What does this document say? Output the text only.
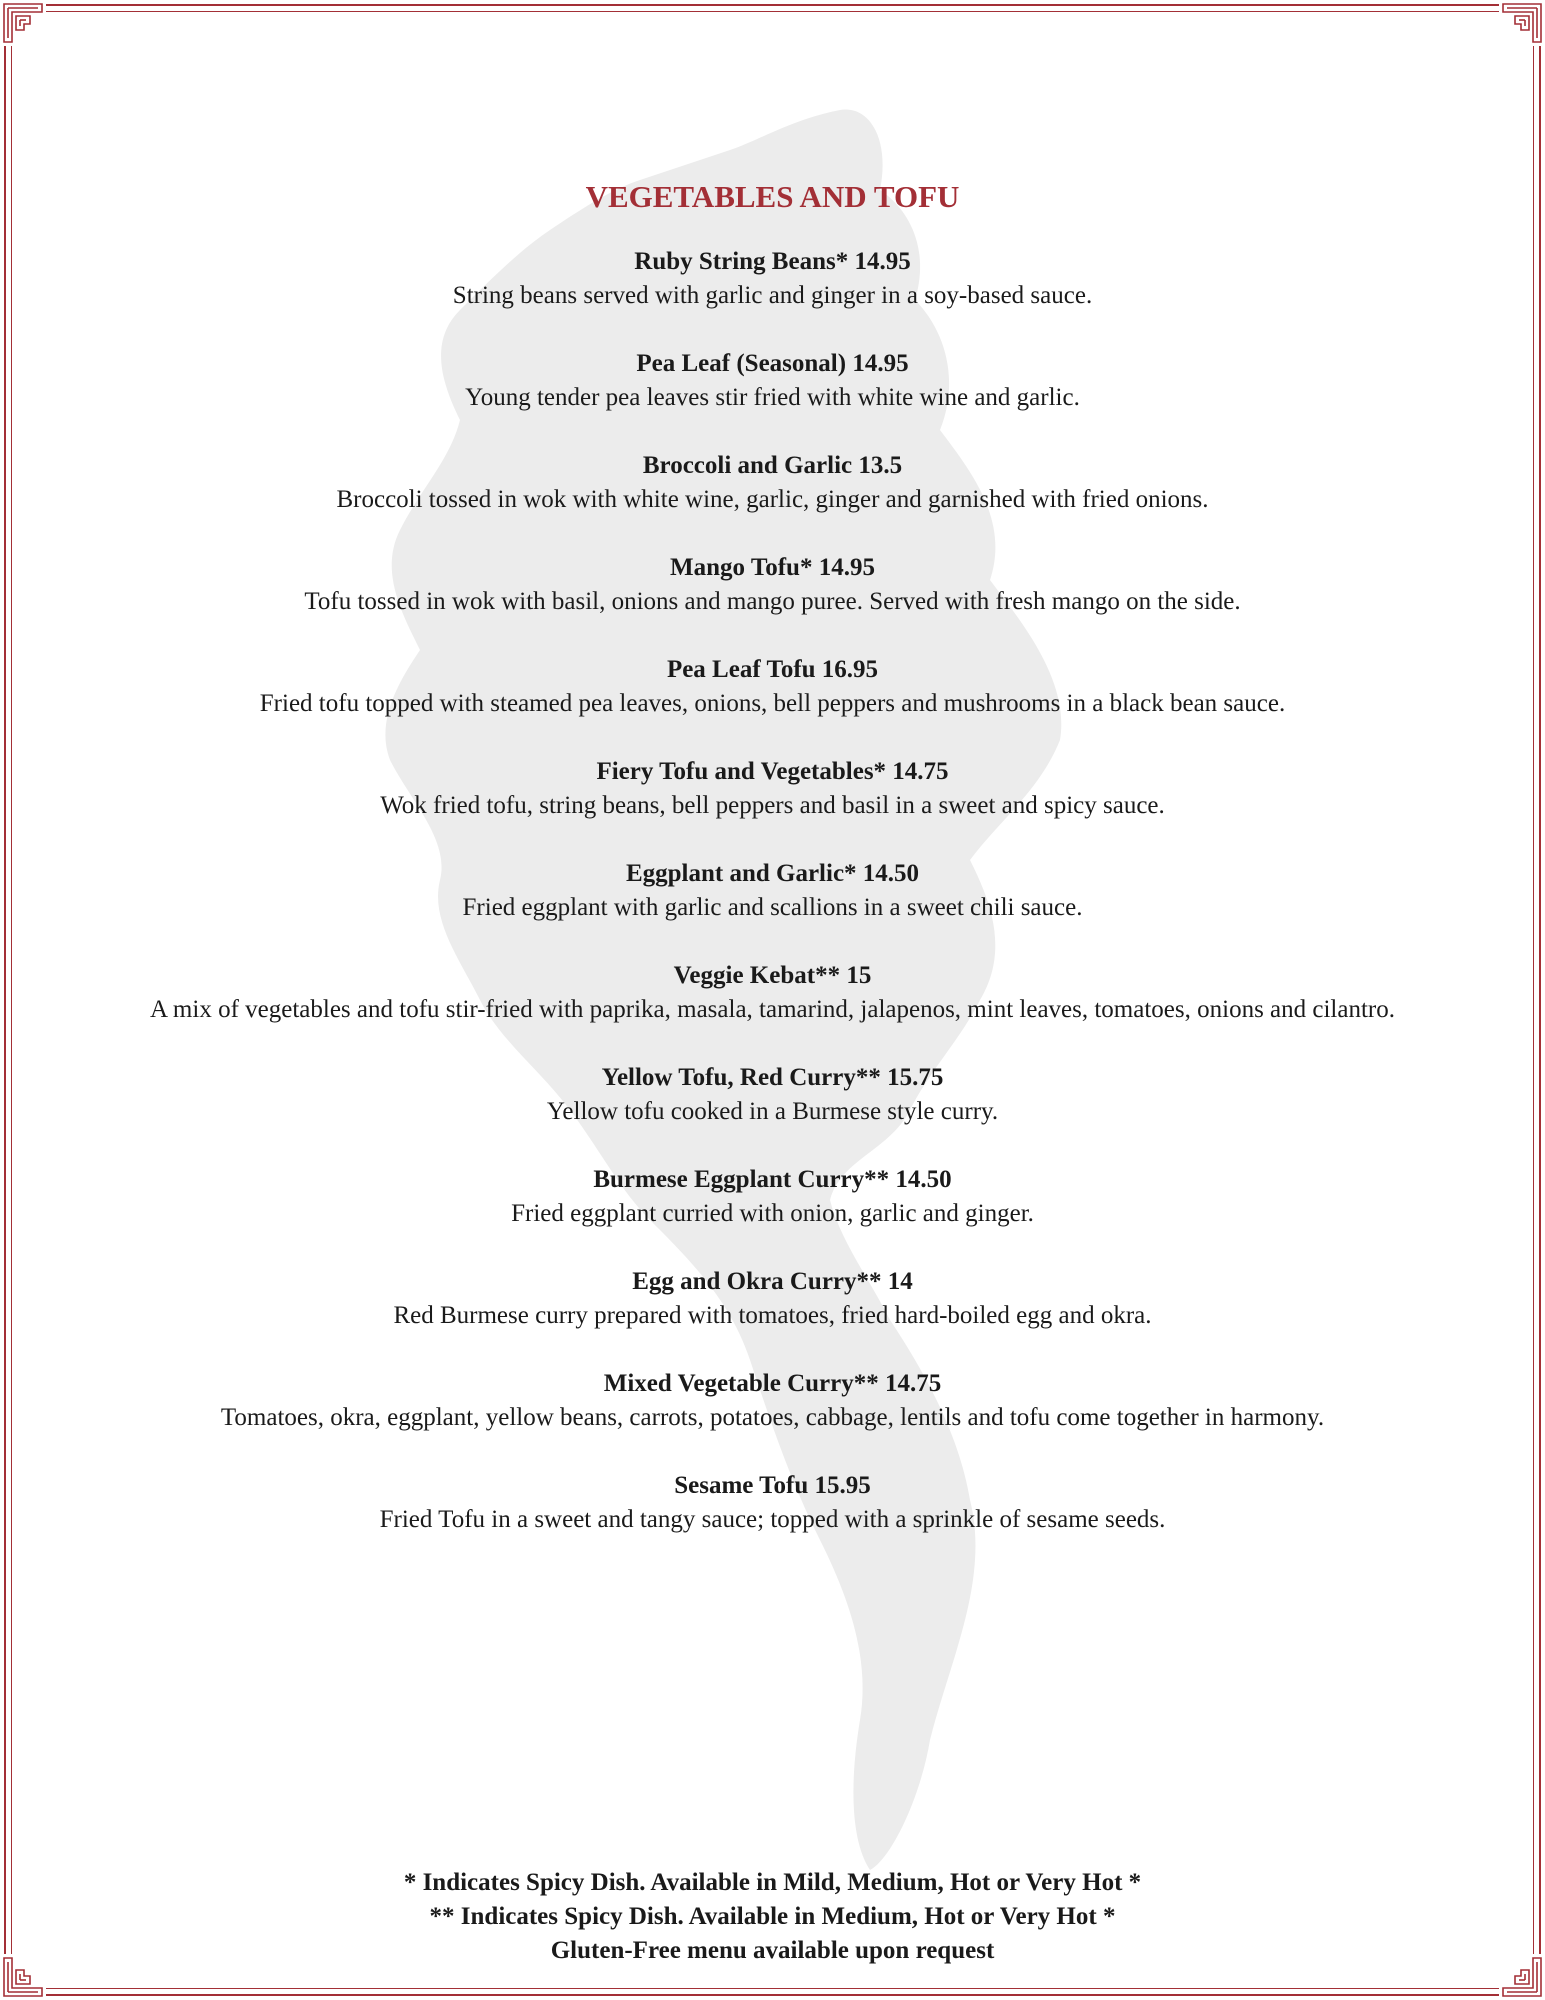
VEGETABLES AND TOFU
Ruby String Beans* 14.95
String beans served with garlic and ginger in a soy-based sauce.
Pea Leaf (Seasonal) 14.95
Young tender pea leaves stir fried with white wine and garlic.
Broccoli and Garlic 13.5
Broccoli tossed in wok with white wine, garlic, ginger and garnished with fried onions.
Mango Tofu* 14.95
Tofu tossed in wok with basil, onions and mango puree. Served with fresh mango on the side.
Pea Leaf Tofu 16.95
Fried tofu topped with steamed pea leaves, onions, bell peppers and mushrooms in a black bean sauce.
Fiery Tofu and Vegetables* 14.75
Wok fried tofu, string beans, bell peppers and basil in a sweet and spicy sauce.
Eggplant and Garlic* 14.50
Fried eggplant with garlic and scallions in a sweet chili sauce.
Veggie Kebat** 15
A mix of vegetables and tofu stir-fried with paprika, masala, tamarind, jalapenos, mint leaves, tomatoes, onions and cilantro.
Yellow Tofu, Red Curry** 15.75
Yellow tofu cooked in a Burmese style curry.
Burmese Eggplant Curry** 14.50
Fried eggplant curried with onion, garlic and ginger.
Egg and Okra Curry** 14
Red Burmese curry prepared with tomatoes, fried hard-boiled egg and okra.
Mixed Vegetable Curry** 14.75
Tomatoes, okra, eggplant, yellow beans, carrots, potatoes, cabbage, lentils and tofu come together in harmony.
Sesame Tofu 15.95
Fried Tofu in a sweet and tangy sauce; topped with a sprinkle of sesame seeds.
* Indicates Spicy Dish. Available in Mild, Medium, Hot or Very Hot *
** Indicates Spicy Dish. Available in Medium, Hot or Very Hot *
Gluten-Free menu available upon request
